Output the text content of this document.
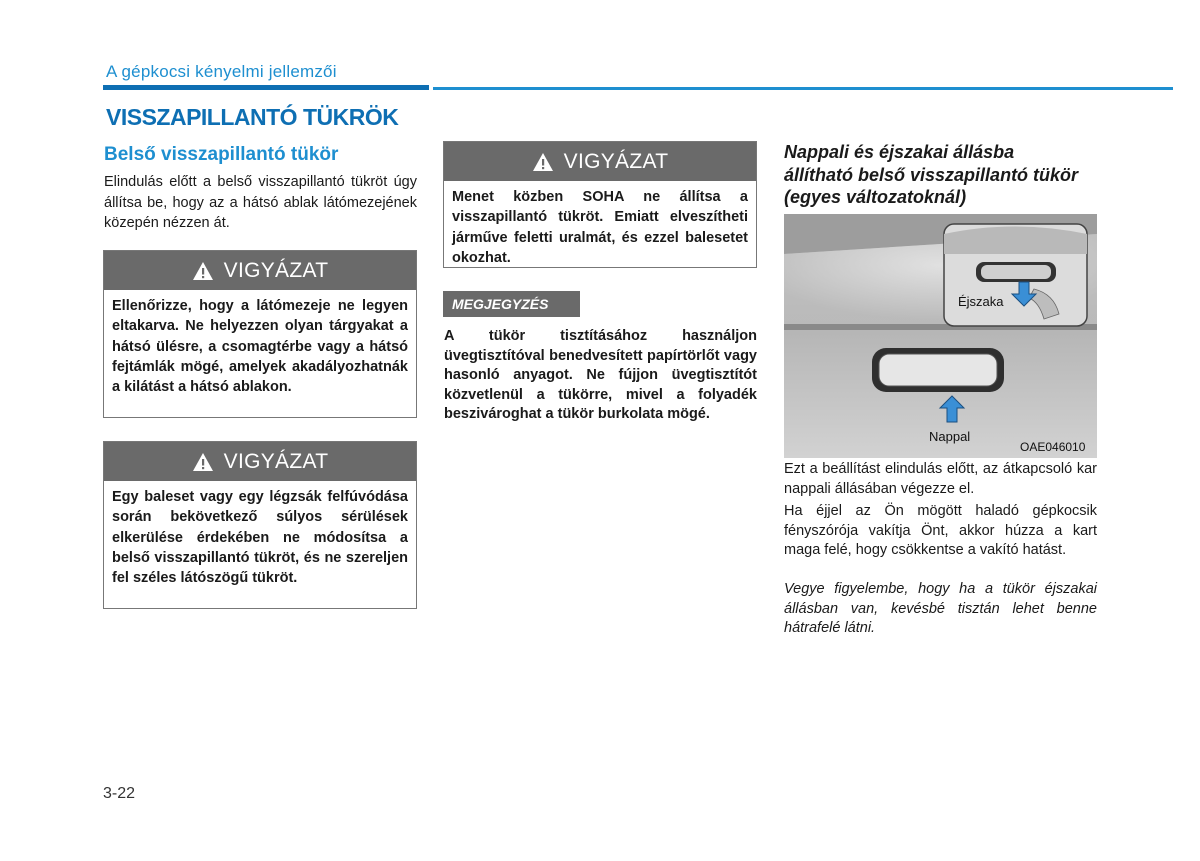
A gépkocsi kényelmi jellemzői
VISSZAPILLANTÓ TÜKRÖK
Belső visszapillantó tükör
Elindulás előtt a belső visszapillantó tükröt úgy állítsa be, hogy az a hátsó ablak látómezejének közepén nézzen át.
VIGYÁZAT
Ellenőrizze, hogy a látómezeje ne legyen eltakarva. Ne helyezzen olyan tárgyakat a hátsó ülésre, a csomagtérbe vagy a hátsó fejtámlák mögé, amelyek akadályozhatnák a kilátást a hátsó ablakon.
VIGYÁZAT
Egy baleset vagy egy légzsák felfúvódása során bekövetkező súlyos sérülések elkerülése érdekében ne módosítsa a belső visszapillantó tükröt, és ne szereljen fel széles látószögű tükröt.
VIGYÁZAT
Menet közben SOHA ne állítsa a visszapillantó tükröt. Emiatt elveszítheti járműve feletti uralmát, és ezzel balesetet okozhat.
MEGJEGYZÉS
A tükör tisztításához használjon üvegtisztítóval benedvesített papírtörlőt vagy hasonló anyagot. Ne fújjon üvegtisztítót közvetlenül a tükörre, mivel a folyadék beszivároghat a tükör burkolata mögé.
Nappali és éjszakai állásba állítható belső visszapillantó tükör (egyes változatoknál)
Nappal
Éjszaka
OAE046010
Ezt a beállítást elindulás előtt, az átkapcsoló kar nappali állásában végezze el.
Ha éjjel az Ön mögött haladó gépkocsik fényszórója vakítja Önt, akkor húzza a kart maga felé, hogy csökkentse a vakító hatást.
Vegye figyelembe, hogy ha a tükör éjszakai állásban van, kevésbé tisztán lehet benne hátrafelé látni.
3-22
